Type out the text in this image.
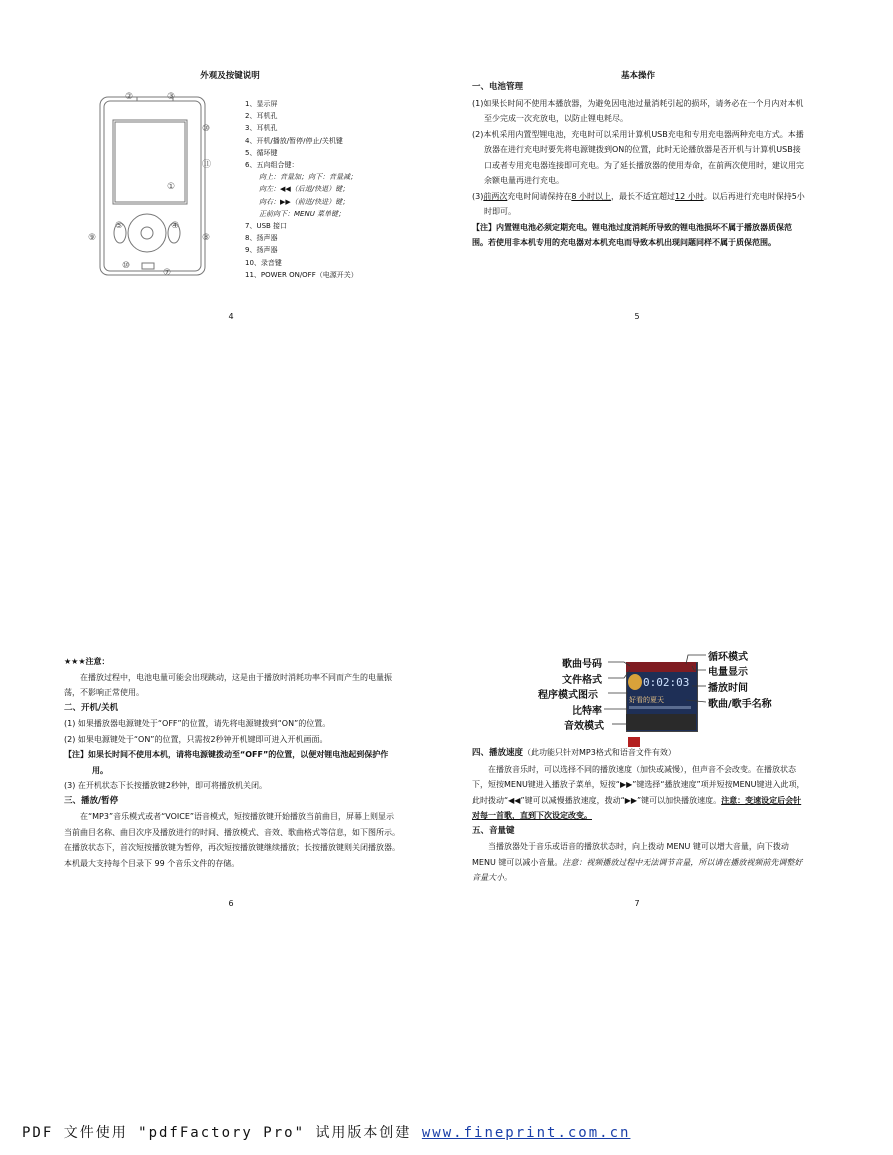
外观及按键说明
②	③
⑩
⑪
①
⑤	④
⑨	⑧
⑩
⑦
1、显示屏
2、耳机孔
3、耳机孔
4、开机/播放/暂停/停止/关机键
5、循环键
6、五向组合键：
向上：音量加；向下：音量减；
向左：◀◀（后退/快退）键；
向右：▶▶（前进/快进）键；
正前向下：MENU 菜单键；
7、USB 接口
8、扬声器
9、扬声器
10、录音键
11、POWER ON/OFF（电源开关）
4
基本操作

一、电池管理

(1)如果长时间不使用本播放器，为避免因电池过量消耗引起的损坏，请务必在一个月内对本机至少完成一次充放电，以防止锂电耗尽。

(2)本机采用内置型锂电池，充电时可以采用计算机USB充电和专用充电器两种充电方式。本播放器在进行充电时要先将电源键拨到ON的位置，此时无论播放器是否开机与计算机USB接口或者专用充电器连接即可充电。为了延长播放器的使用寿命，在前两次使用时，建议用完余额电量再进行充电。

(3)前两次充电时间请保持在8 小时以上，最长不适宜超过12 小时。以后再进行充电时保持5小时即可。

【注】内置锂电池必须定期充电。锂电池过度消耗所导致的锂电池损坏不属于播放器质保范围。若使用非本机专用的充电器对本机充电而导致本机出现问题同样不属于质保范围。

5

★★★注意：

在播放过程中，电池电量可能会出现跳动，这是由于播放时消耗功率不同而产生的电量振荡，不影响正常使用。

二、开机/关机

(1) 如果播放器电源键处于“OFF”的位置，请先将电源键拨到“ON”的位置。

(2) 如果电源键处于“ON”的位置，只需按2秒钟开机键即可进入开机画面。

【注】如果长时间不使用本机，请将电源键拨动至“OFF”的位置，以便对锂电池起到保护作用。

(3) 在开机状态下长按播放键2秒钟，即可将播放机关闭。

三、播放/暂停

在“MP3”音乐模式或者“VOICE”语音模式，短按播放键开始播放当前曲目，屏幕上则显示当前曲目名称、曲目次序及播放进行的时间、播放模式、音效、歌曲格式等信息，如下图所示。在播放状态下，首次短按播放键为暂停，再次短按播放键继续播放；长按播放键则关闭播放器。本机最大支持每个目录下 99 个音乐文件的存储。

6
0:02:03
好看的夏天
歌曲号码
文件格式
程序模式图示
比特率
音效模式
循环模式
电量显示
播放时间
歌曲/歌手名称

四、播放速度（此功能只针对MP3格式和语音文件有效）

在播放音乐时，可以选择不同的播放速度（加快或减慢），但声音不会改变。在播放状态下，短按MENU键进入播放子菜单，短按“▶▶”键选择“播放速度”项并短按MENU键进入此项，此时拨动“◀◀”键可以减慢播放速度，拨动“▶▶”键可以加快播放速度。注意：变速设定后会针对每一首歌，直到下次设定改变。

五、音量键

当播放器处于音乐或语音的播放状态时，向上拨动 MENU 键可以增大音量，向下拨动 MENU 键可以减小音量。注意：视频播放过程中无法调节音量，所以请在播放视频前先调整好音量大小。

7
PDF 文件使用 "pdfFactory Pro" 试用版本创建 www.fineprint.com.cn
